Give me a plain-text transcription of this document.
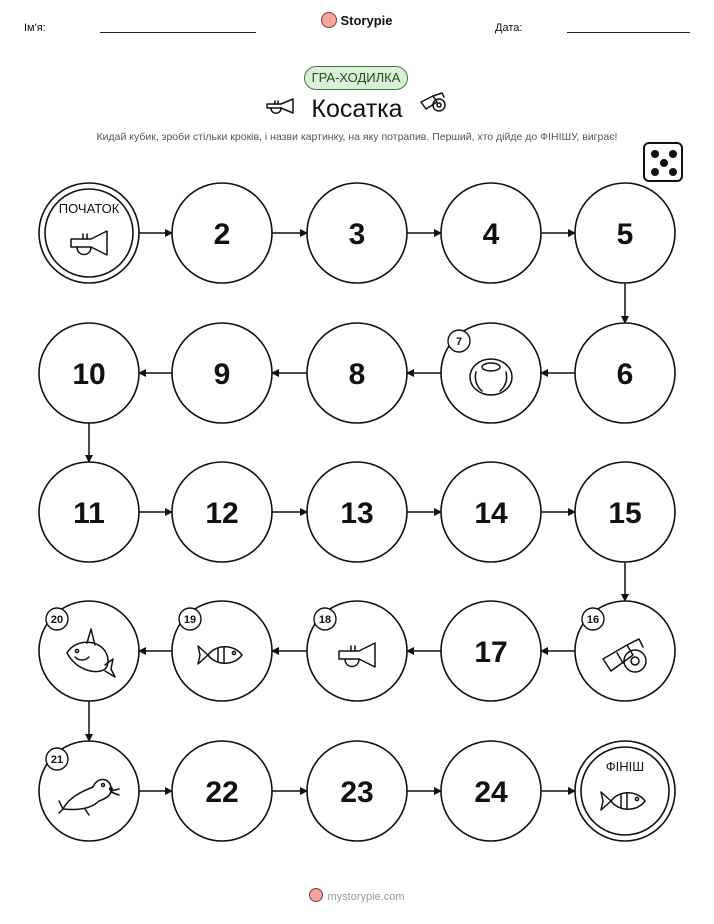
Ім'я:	Storypie	Дата:
ГРА-ХОДИЛКА
Косатка
Кидай кубик, зроби стільки кроків, і назви картинку, на яку потрапив. Перший, хто дійде до ФІНІШУ, виграє!
ПОЧАТОК
2	3	4	5
6
7
8
9
10
11	12	13	14	15
16
17
18
19
20
21
22	23	24
ФІНІШ
mystorypie.com
